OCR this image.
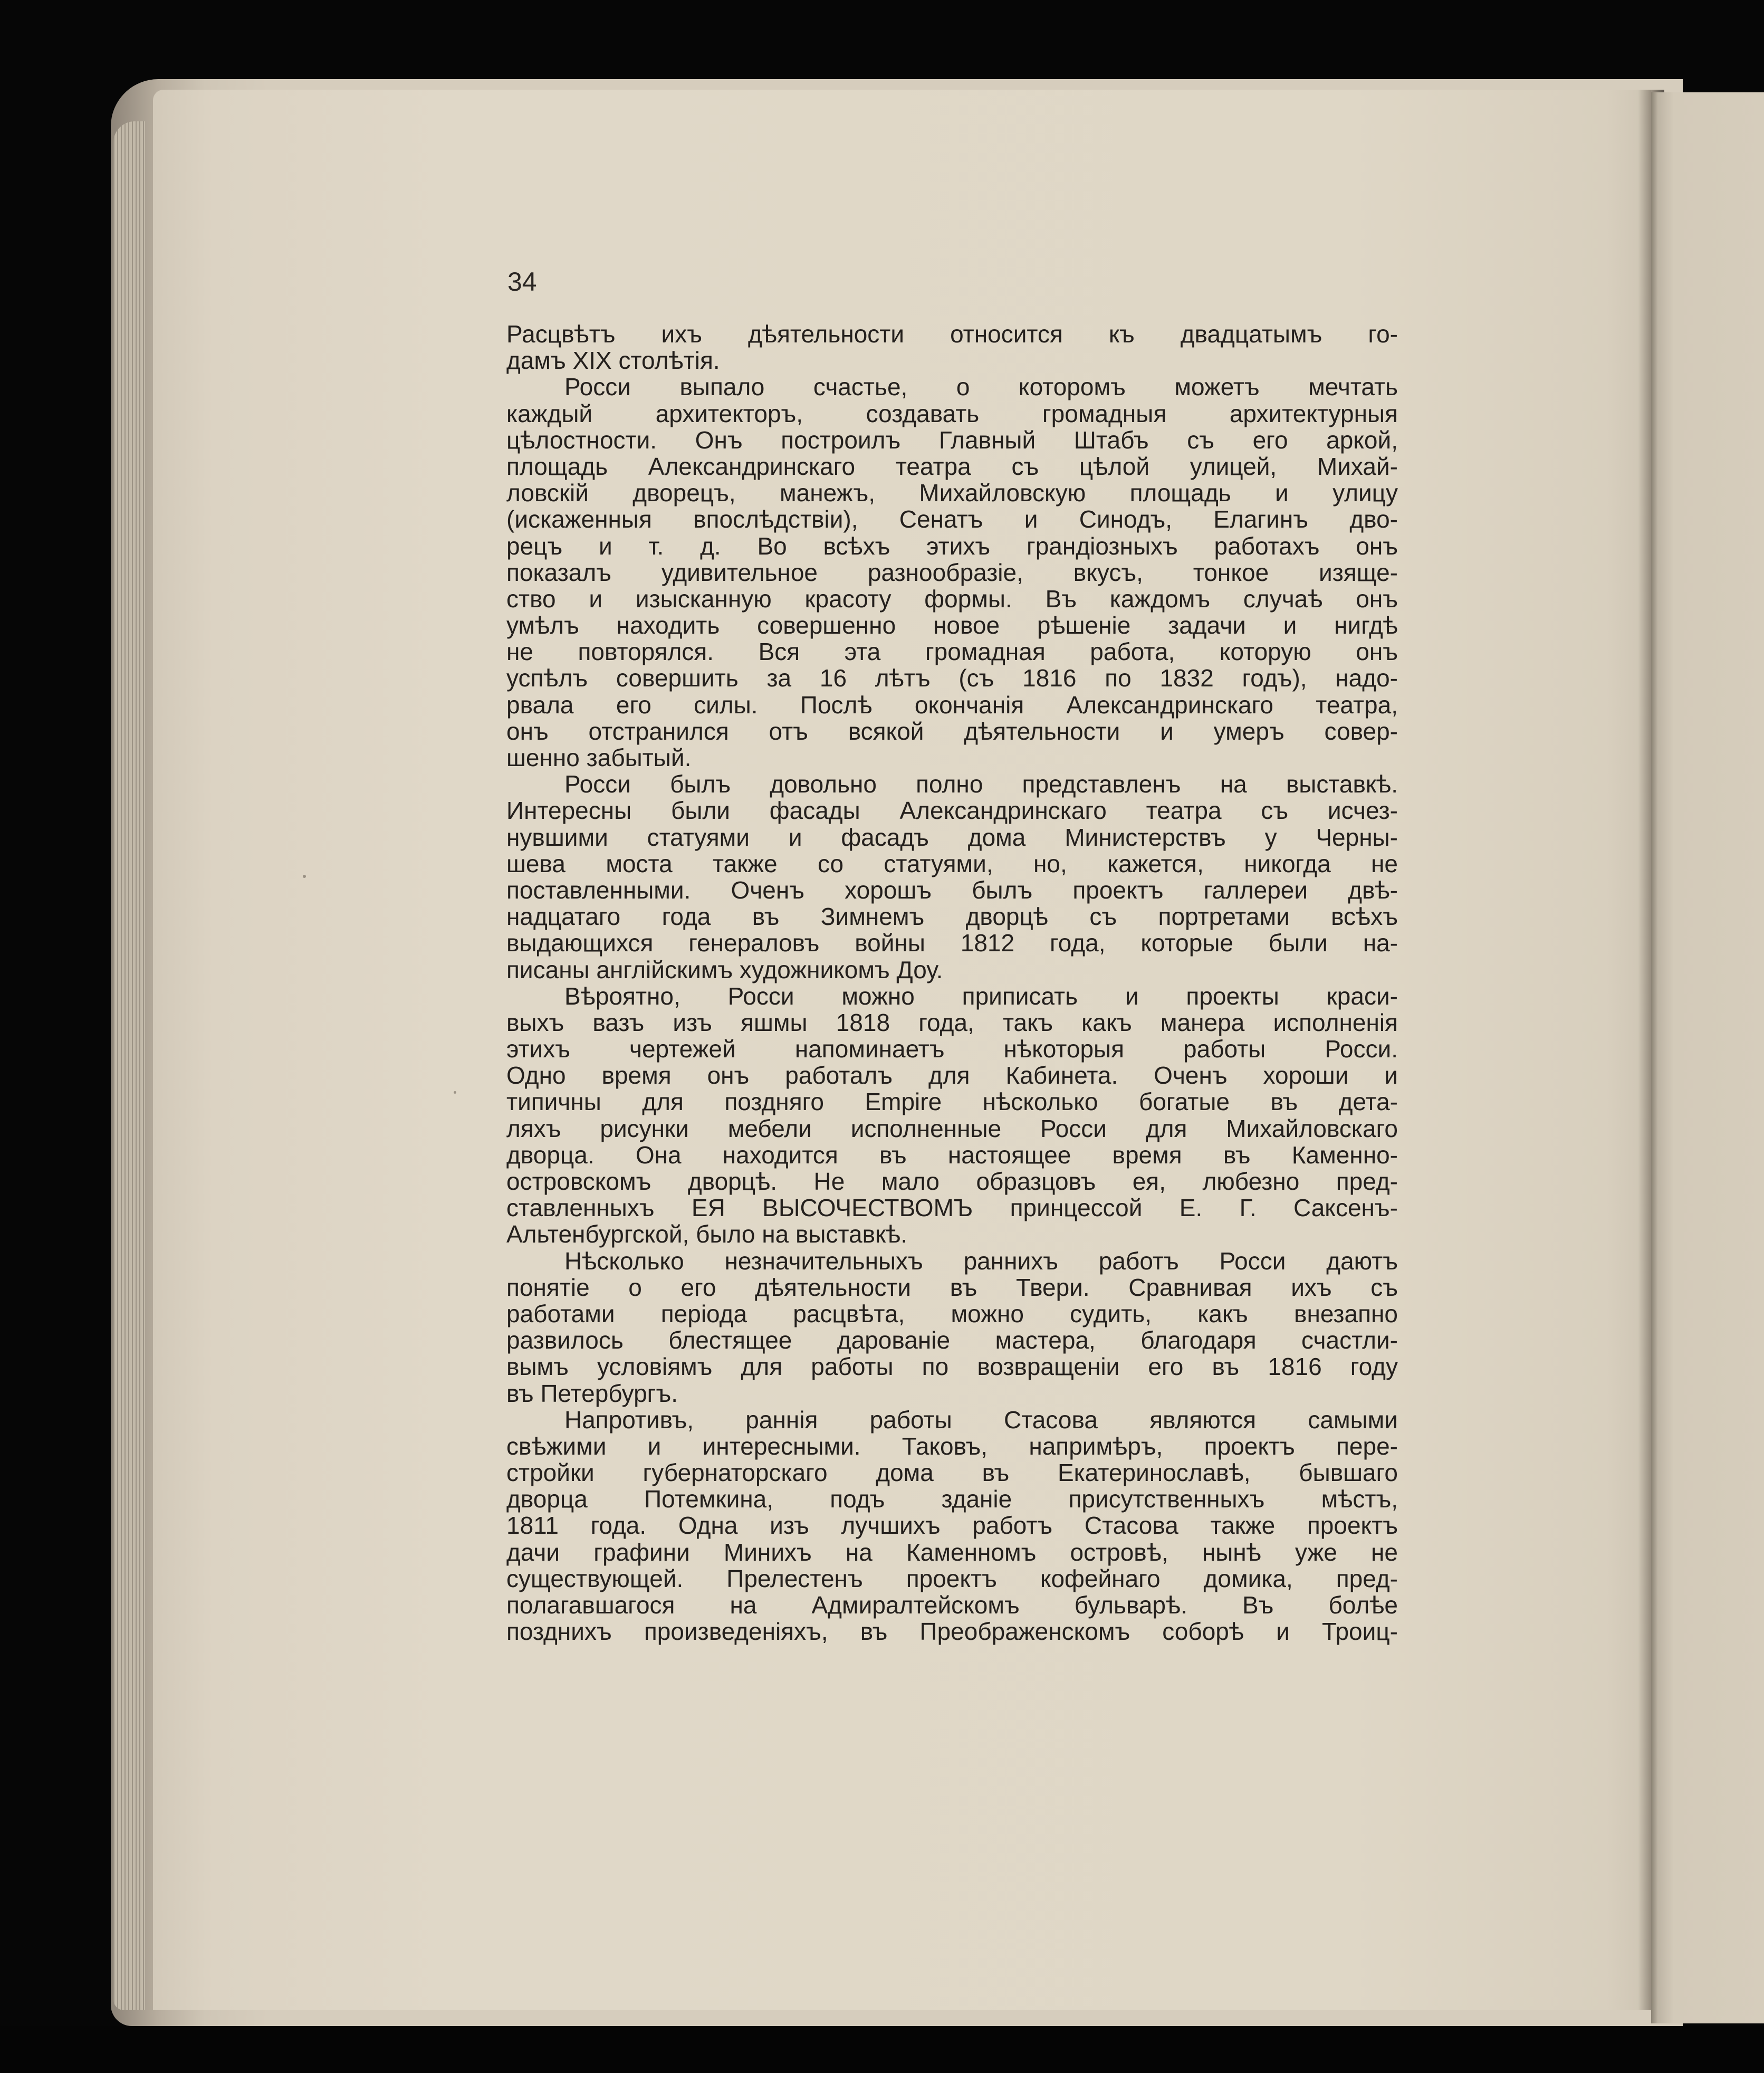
34
Расцвѣтъ ихъ дѣятельности относится къ двадцатымъ го-
дамъ XIX столѣтія.
Росси выпало счастье, о которомъ можетъ мечтать
каждый архитекторъ, создавать громадныя архитектурныя
цѣлостности. Онъ построилъ Главный Штабъ съ его аркой,
площадь Александринскаго театра съ цѣлой улицей, Михай-
ловскій дворецъ, манежъ, Михайловскую площадь и улицу
(искаженныя впослѣдствіи), Сенатъ и Синодъ, Елагинъ дво-
рецъ и т. д. Во всѣхъ этихъ грандіозныхъ работахъ онъ
показалъ удивительное разнообразіе, вкусъ, тонкое изяще-
ство и изысканную красоту формы. Въ каждомъ случаѣ онъ
умѣлъ находить совершенно новое рѣшеніе задачи и нигдѣ
не повторялся. Вся эта громадная работа, которую онъ
успѣлъ совершить за 16 лѣтъ (съ 1816 по 1832 годъ), надо-
рвала его силы. Послѣ окончанія Александринскаго театра,
онъ отстранился отъ всякой дѣятельности и умеръ совер-
шенно забытый.
Росси былъ довольно полно представленъ на выставкѣ.
Интересны были фасады Александринскаго театра съ исчез-
нувшими статуями и фасадъ дома Министерствъ у Черны-
шева моста также со статуями, но, кажется, никогда не
поставленными. Оченъ хорошъ былъ проектъ галлереи двѣ-
надцатаго года въ Зимнемъ дворцѣ съ портретами всѣхъ
выдающихся генераловъ войны 1812 года, которые были на-
писаны англійскимъ художникомъ Доу.
Вѣроятно, Росси можно приписать и проекты краси-
выхъ вазъ изъ яшмы 1818 года, такъ какъ манера исполненія
этихъ чертежей напоминаетъ нѣкоторыя работы Росси.
Одно время онъ работалъ для Кабинета. Оченъ хороши и
типичны для поздняго Empire нѣсколько богатые въ дета-
ляхъ рисунки мебели исполненные Росси для Михайловскаго
дворца. Она находится въ настоящее время въ Каменно-
островскомъ дворцѣ. Не мало образцовъ ея, любезно пред-
ставленныхъ ЕЯ ВЫСОЧЕСТВОМЪ принцессой Е. Г. Саксенъ-
Альтенбургской, было на выставкѣ.
Нѣсколько незначительныхъ раннихъ работъ Росси даютъ
понятіе о его дѣятельности въ Твери. Сравнивая ихъ съ
работами періода расцвѣта, можно судить, какъ внезапно
развилось блестящее дарованіе мастера, благодаря счастли-
вымъ условіямъ для работы по возвращеніи его въ 1816 году
въ Петербургъ.
Напротивъ, раннія работы Стасова являются самыми
свѣжими и интересными. Таковъ, напримѣръ, проектъ пере-
стройки губернаторскаго дома въ Екатеринославѣ, бывшаго
дворца Потемкина, подъ зданіе присутственныхъ мѣстъ,
1811 года. Одна изъ лучшихъ работъ Стасова также проектъ
дачи графини Минихъ на Каменномъ островѣ, нынѣ уже не
существующей. Прелестенъ проектъ кофейнаго домика, пред-
полагавшагося на Адмиралтейскомъ бульварѣ. Въ болѣе
позднихъ произведеніяхъ, въ Преображенскомъ соборѣ и Троиц-
